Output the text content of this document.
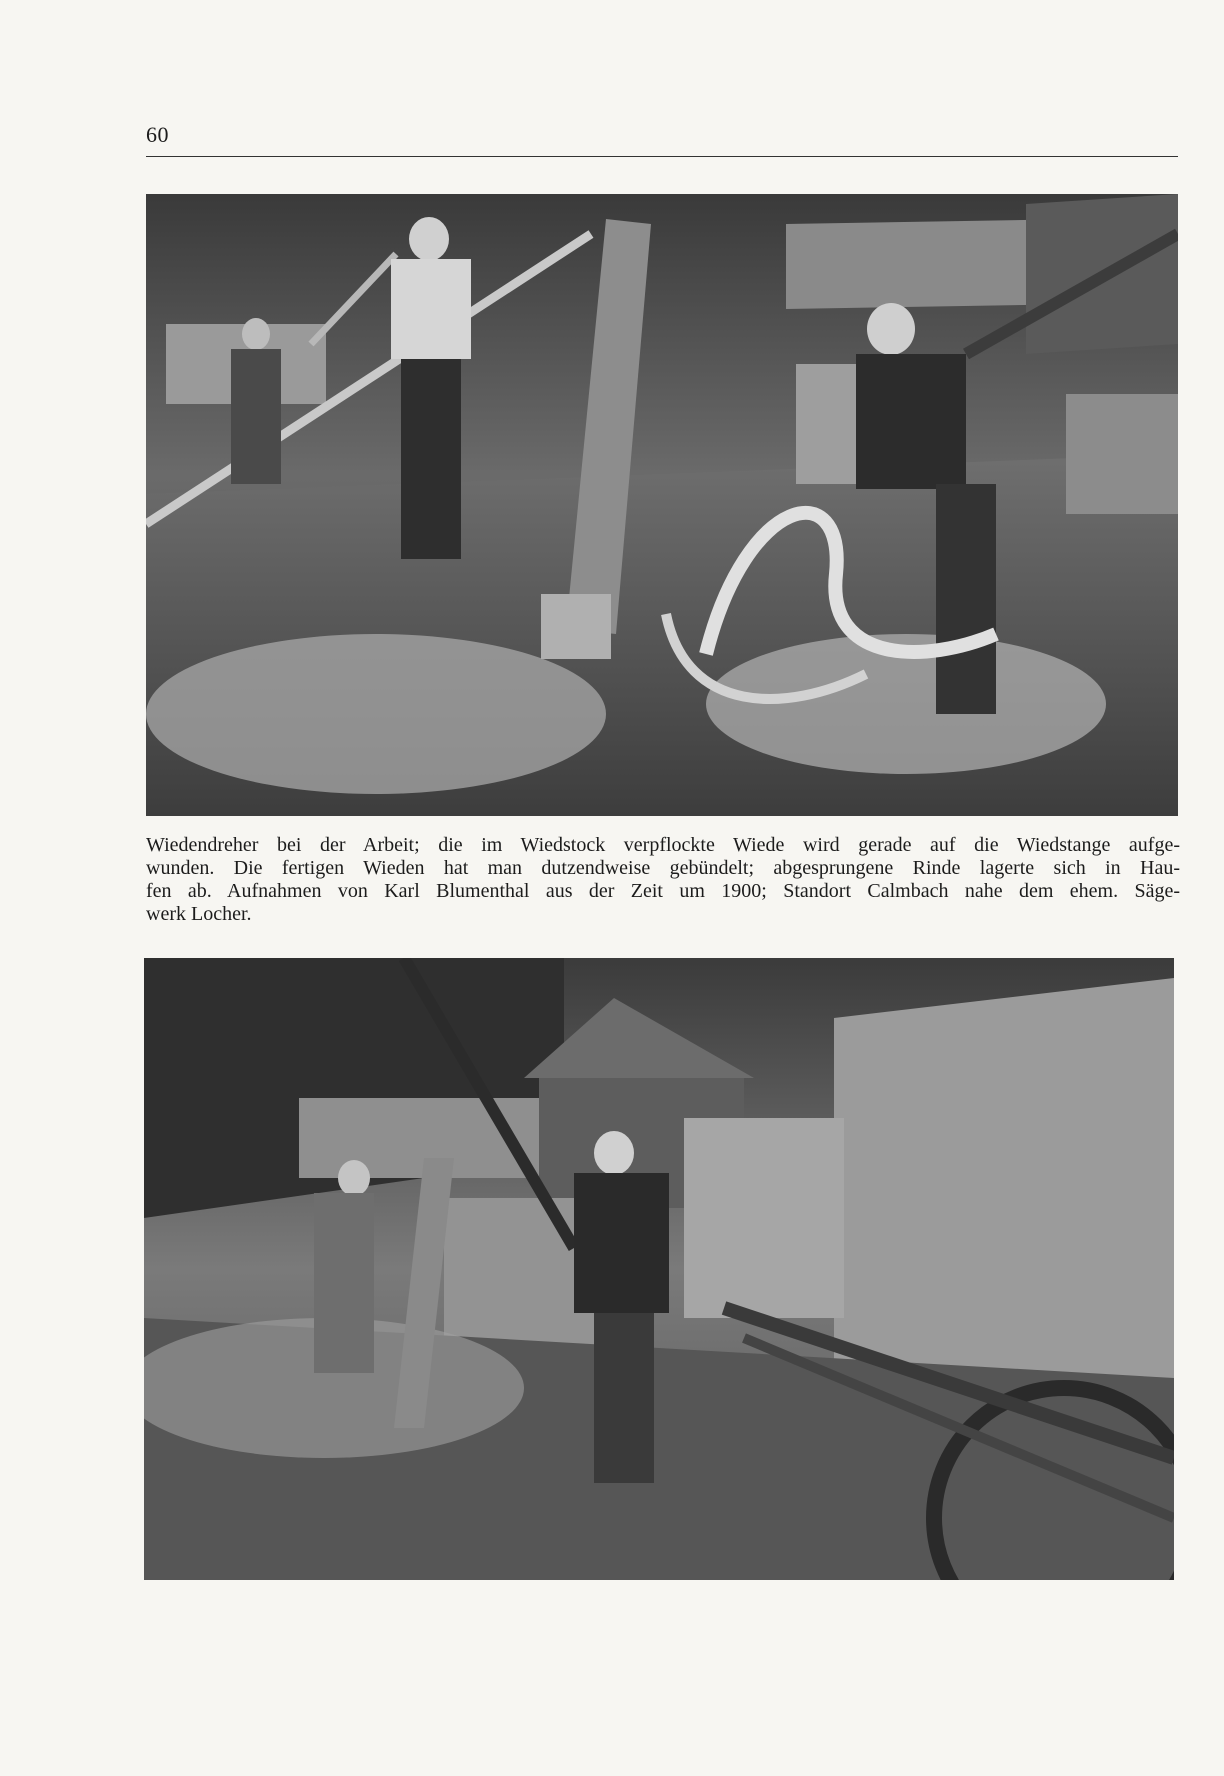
60
Wiedendreher bei der Arbeit; die im Wiedstock verpflockte Wiede wird gerade auf die Wiedstange aufge-
wunden. Die fertigen Wieden hat man dutzendweise gebündelt; abgesprungene Rinde lagerte sich in Hau-
fen ab. Aufnahmen von Karl Blumenthal aus der Zeit um 1900; Standort Calmbach nahe dem ehem. Säge-
werk Locher.
